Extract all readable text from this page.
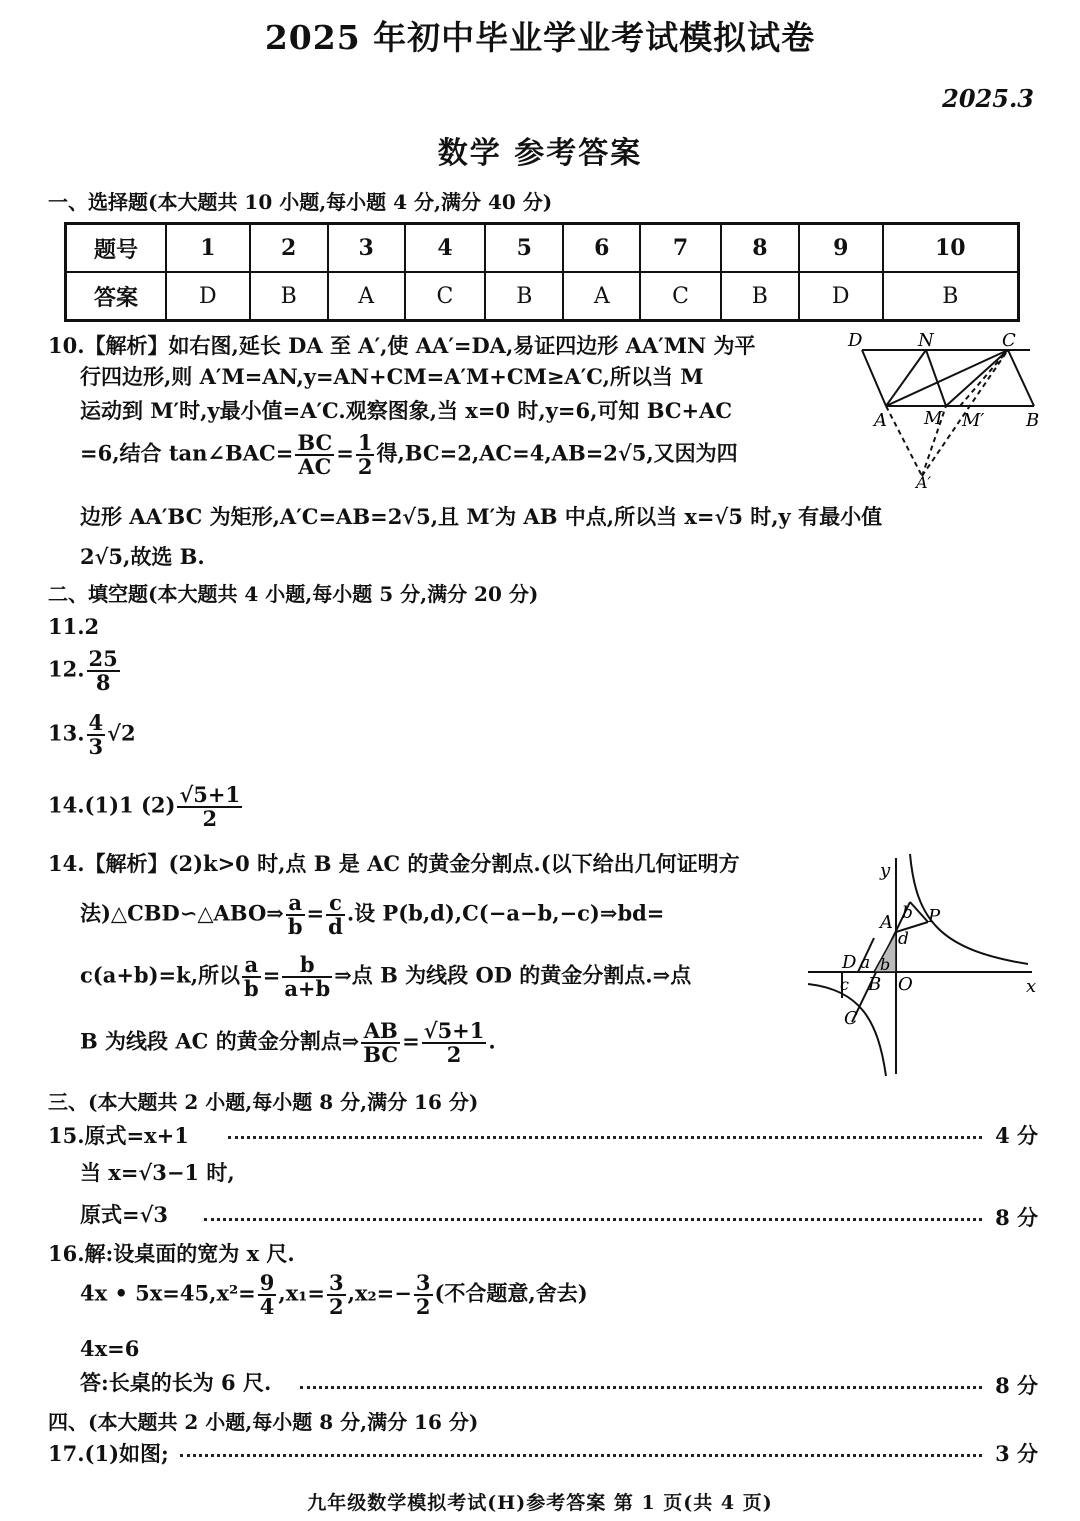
2025 年初中毕业学业考试模拟试卷
2025.3
数学 参考答案
一、选择题(本大题共 10 小题,每小题 4 分,满分 40 分)
题号	1	2	3	4	5	6	7	8	9	10
答案	D	B	A	C	B	A	C	B	D	B
10.【解析】如右图,延长 DA 至 A′,使 AA′=DA,易证四边形 AA′MN 为平
行四边形,则 A′M=AN,y=AN+CM=A′M+CM≥A′C,所以当 M
运动到 M′时,y最小值=A′C.观察图象,当 x=0 时,y=6,可知 BC+AC
=6,结合 tan∠BAC= $\frac{BC}{AC} = \frac{1}{2}$ 得,BC=2,AC=4,AB=2√5,又因为四
边形 AA′BC 为矩形,A′C=AB=2√5,且 M′为 AB 中点,所以当 x=√5 时,y 有最小值
2√5,故选 B.
D	N	C
A M M′ B
A′
二、填空题(本大题共 4 小题,每小题 5 分,满分 20 分)
11.2
12. $\frac{25}{8}$
13. $\frac{4}{3} √2$
14.(1)1 $(2) \frac{√5+1}{2}$
14.【解析】(2)k>0 时,点 B 是 AC 的黄金分割点.(以下给出几何证明方
法)△CBD∽△ABO⇒ $\frac{a}{b} = \frac{c}{d}$ .设 P(b,d),C(−a−b,−c)⇒bd=
c(a+b)=k,所以 $\frac{a}{b} = \frac{b}{a+b}$ ⇒点 B 为线段 OD 的黄金分割点.⇒点
B 为线段 AC 的黄金分割点⇒ $\frac{AB}{BC} = \frac{√5+1}{2}$ .
y
x
A b P
d
D a b
c B O
C
三、(本大题共 2 小题,每小题 8 分,满分 16 分)
15.原式=x+1	4 分
当 x=√3−1 时,
原式=√3	8 分
16.解:设桌面的宽为 x 尺.
4x • $5x=45,x^2= \frac{9}{4} ,x_1= \frac{3}{2} ,x_2=- \frac{3}{2}$ (不合题意,舍去)
4x=6
答:长桌的长为 6 尺.	8 分
四、(本大题共 2 小题,每小题 8 分,满分 16 分)
17.(1)如图;	3 分
九年级数学模拟考试(H)参考答案 第 1 页(共 4 页)
